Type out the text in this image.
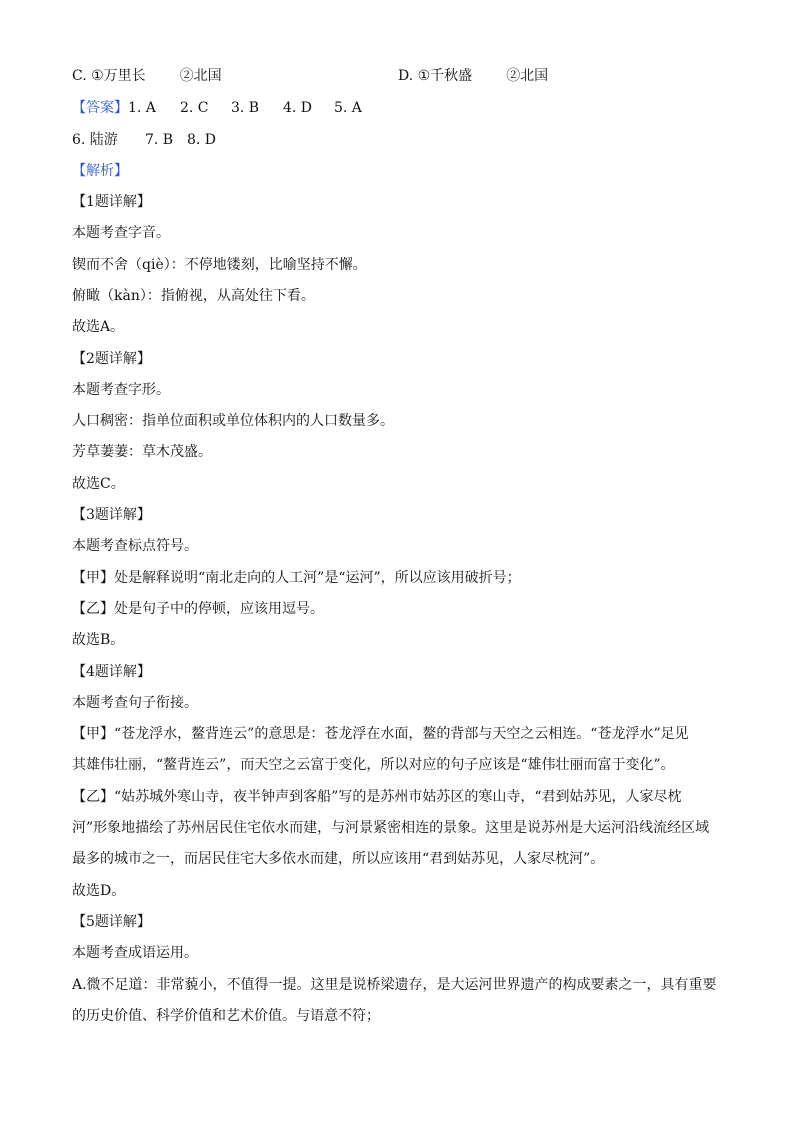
C. ①万里长 ②北国	D. ①千秋盛 ②北国
【答案】1. A 2. C 3. B 4. D 5. A
6. 陆游 7. B 8. D
【解析】
【1题详解】
本题考查字音。
锲而不舍（qiè）：不停地镂刻，比喻坚持不懈。
俯瞰（kàn）：指俯视，从高处往下看。
故选A。
【2题详解】
本题考查字形。
人口稠密：指单位面积或单位体积内的人口数量多。
芳草萋萋：草木茂盛。
故选C。
【3题详解】
本题考查标点符号。
【甲】处是解释说明“南北走向的人工河”是“运河”，所以应该用破折号；
【乙】处是句子中的停顿，应该用逗号。
故选B。
【4题详解】
本题考查句子衔接。
【甲】“苍龙浮水，鳌背连云”的意思是：苍龙浮在水面，鳌的背部与天空之云相连。“苍龙浮水”足见
其雄伟壮丽，“鳌背连云”，而天空之云富于变化，所以对应的句子应该是“雄伟壮丽而富于变化”。
【乙】“姑苏城外寒山寺，夜半钟声到客船”写的是苏州市姑苏区的寒山寺，“君到姑苏见，人家尽枕
河”形象地描绘了苏州居民住宅依水而建，与河景紧密相连的景象。这里是说苏州是大运河沿线流经区域
最多的城市之一，而居民住宅大多依水而建，所以应该用“君到姑苏见，人家尽枕河”。
故选D。
【5题详解】
本题考查成语运用。
A.微不足道：非常藐小，不值得一提。这里是说桥梁遗存，是大运河世界遗产的构成要素之一，具有重要
的历史价值、科学价值和艺术价值。与语意不符；
